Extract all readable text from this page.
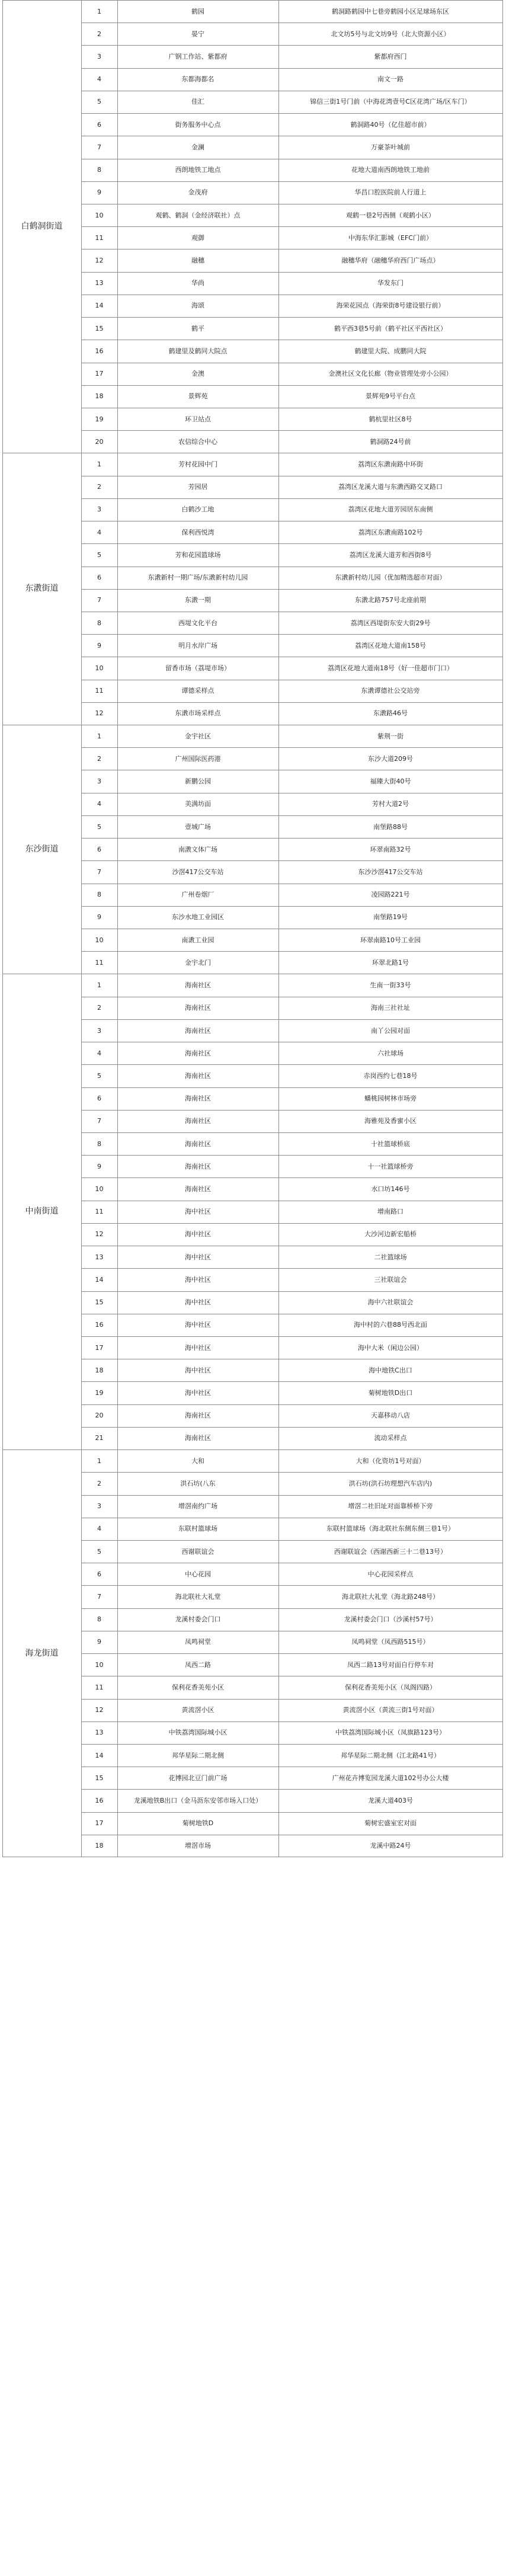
白鹤洞街道
1	鹤园	鹤洞路鹤园中七巷旁鹤园小区足球场东区
2	晏宁	北文坊5号与北文坊9号（北大资源小区）
3	广钢工作站、紫都府	紫都府西门
4	东都海都名	南文一路
5	佳汇	锦信三街1号门前（中海花湾壹号C区花湾广场/区车门）
6	街务服务中心点	鹤洞路40号（亿佳超市前）
7	金澜	万豪茶叶城前
8	西朗地铁工地点	花地大道南西朗地铁工地前
9	金茂府	华昌口腔医院前人行道上
10	观鹤、鹤洞（金经济联社）点	观鹤一巷2号西侧（观鹤小区）
11	观御	中海东华汇影城（EFC门前）
12	融穗	融穗华府（融穗华府西门广场点）
13	华尚	华发东门
14	海颂	海荣花园点（海荣街8号建设银行前）
15	鹤平	鹤平西3巷5号前（鹤平社区平西社区）
16	鹤建里及鹤同大院点	鹤建里大院、成鹏同大院
17	金澳	金澳社区文化长廊（物业管理处旁小公园）
18	景辉苑	景辉苑9号平台点
19	环卫站点	鹤杭里社区8号
20	农信综合中心	鹤洞路24号前
东漖街道
1	芳村花园中门	荔湾区东漖南路中环街
2	芳园居	荔湾区龙溪大道与东漖西路交叉路口
3	白鹤沙工地	荔湾区花地大道芳园居东南侧
4	保利西悦湾	荔湾区东漖南路102号
5	芳和花园篮球场	荔湾区龙溪大道芳和西街8号
6	东漖新村一期广场/东漖新村幼儿园	东漖新村幼儿园（优加精选超市对面）
7	东漖一期	东漖北路757号北座前期
8	西堤文化平台	荔湾区西堤街东安大街29号
9	明月水岸广场	荔湾区花地大道南158号
10	留香市场（荔堤市场）	荔湾区花地大道南18号（好一佳超市门口）
11	谭德采样点	东漖谭德社公交站旁
12	东漖市场采样点	东漖路46号
东沙街道
1	金宇社区	紫荆一街
2	广州国际医药港	东沙大道209号
3	新鹏公园	福臻大街40号
4	美满坊面	芳村大道2号
5	壹城广场	南堡路88号
6	南漖文体广场	环翠南路32号
7	沙滘417公交车站	东沙沙滘417公交车站
8	广州卷烟厂	凌园路221号
9	东沙水地工业园区	南堡路19号
10	南漖工业园	环翠南路10号工业园
11	金宇北门	环翠北路1号
中南街道
1	海南社区	生南一街33号
2	海南社区	海南三社社址
3	海南社区	南丫公园对面
4	海南社区	六社球场
5	海南社区	赤岗西约七巷18号
6	海南社区	蟠桃园树林市场旁
7	海南社区	海雅苑及香蜜小区
8	海南社区	十社篮球桥底
9	海南社区	十一社篮球桥旁
10	海南社区	水口坊146号
11	海中社区	增南路口
12	海中社区	大沙河边新宏船桥
13	海中社区	二社篮球场
14	海中社区	三社联谊会
15	海中社区	海中六社联谊会
16	海中社区	海中村的六巷88号西北面
17	海中社区	海中大米（闲边公园）
18	海中社区	海中地铁C出口
19	海中社区	菊树地铁D出口
20	海南社区	天嘉移动八店
21	海南社区	流动采样点
海龙街道
1	大和	大和（化资坊1号对面）
2	洪石坊(八东	洪石坊(洪石坊理想汽车店内)
3	增滘南约广场	增滘二社旧址对面靠桥桥下旁
4	东联村篮球场	东联村篮球场（海北联社东侧东侧三巷1号）
5	西谢联谊会	西谢联谊会（西谢西新三十二巷13号）
6	中心花园	中心花园采样点
7	海北联社大礼堂	海北联社大礼堂（海北路248号）
8	龙溪村委会门口	龙溪村委会门口（沙溪村57号）
9	凤鸣祠堂	凤鸣祠堂（凤西路515号）
10	凤西二路	凤西二路13号对面自行停车对
11	保利花香美苑小区	保利花香美苑小区（凤阁四路）
12	黄流滘小区	黄流滘小区（黄流三街1号对面）
13	中铁荔湾国际城小区	中铁荔湾国际城小区（凤旗路123号）
14	邦华星际二期北侧	邦华星际二期北侧（江北路41号）
15	花博园北豆门前广场	广州花卉博览园龙溪大道102号办公大楼
16	龙溪地铁B出口（金马沥东安邻市场入口处）	龙溪大道403号
17	菊树地铁D	菊树宏盛室宏对面
18	增滘市场	龙溪中路24号
